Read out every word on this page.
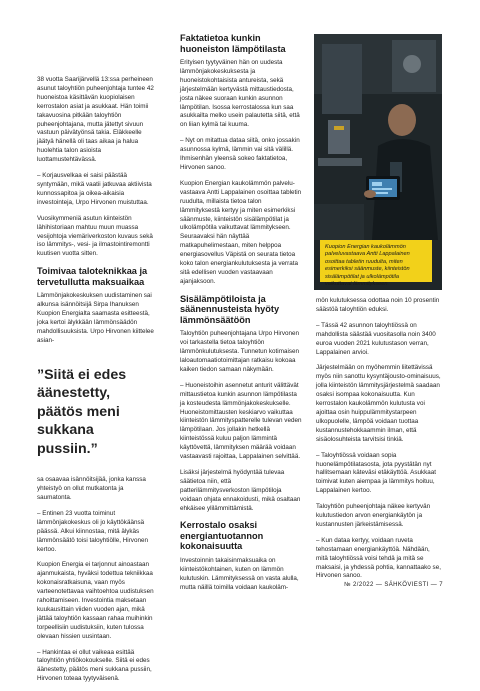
38 vuotta Saarijärvellä 13:ssa perheineen asunut taloyhtiön puheenjohtaja tuntee 42 huoneistoa käsittävän kuopiolaisen kerrostalon asiat ja asukkaat. Hän toimii takavuosina pitkään taloyhtiön puheenjohtajana, mutta jätettyt sivuun vastuun päivätyönsä takia. Eläkkeelle jäätyä hänellä oli taas aikaa ja halua huolehtia talon asioista luottamustehtävässä.

– Korjausvelkaa ei saisi päästää syntymään, mikä vaatii jatkuvaa aktiivista kunnossapitoa ja oikea-aikaisia investointeja, Urpo Hirvonen muistuttaa.

Vuosikymmeniä asutun kiinteistön lähihistoriaan mahtuu muun muassa vesijohtoja viemäriverkoston kuvaus sekä iso lämmitys-, vesi- ja ilmastointiremontti kuutisen vuotta sitten.

Toimivaa taloteknikkaa ja tervetullutta maksuaikaa

Lämmönjakokeskuksen uudistaminen sai alkunsa isännöitsijä Sirpa Ihanuksen Kuopion Energialta saamasta esitteestä, joka kertoi älykkään lämmönsäädön mahdollisuuksista. Urpo Hirvonen kiittelee asian-

”Siitä ei edes äänestetty, päätös meni sukkana pussiin.”

sa osaavaa isännöitsijää, jonka kanssa yhteistyö on ollut mutkatonta ja saumatonta.

– Entinen 23 vuotta toiminut lämmönjakokeskus oli jo käyttökäänsä päässä. Alkui kiinnostaa, mitä älykäs lämmönsäätö toisi taloyhtiölle, Hirvonen kertoo.

Kuopion Energia ei tarjonnut ainoastaan ajanmukaista, hyväksi todettua tekniikkaa kokonaisratkaisuna, vaan myös varteenotettavaa vaihtoehtoa uudistuksen rahoittamiseen. Investointia maksetaan kuukausittain viiden vuoden ajan, mikä jättää taloyhtiön kassaan rahaa muihinkin torpeellisiin uudistuksiin, kuten tulossa olevaan hissien uusintaan.

– Hankintaa ei ollut vaikeaa esittää taloyhtiön yhtiökokoukselle. Siitä ei edes äänestetty, päätös meni sukkana pussiin, Hirvonen toteaa tyytyväisenä.

Faktatietoa kunkin huoneiston lämpötilasta

Erityisen tyytyväinen hän on uudesta lämmönjakokeskuksesta ja huoneistokohtaisista antureista, sekä järjestelmään kertyvästä mittaustiedosta, josta näkee suoraan kunkin asunnon lämpötilan. Isossa kerrostalossa kun saa asukkailta melko usein palautetta siitä, että on liian kylmä tai kuuma.

– Nyt on mitattua dataa siitä, onko jossakin asunnossa kylmä, lämmin vai sitä välillä. Ihmisenhän yleensä sokeo faktatietoa, Hirvonen sanoo.

Kuopion Energian kaukolämmön palveluvastaava Antti Lappalainen osoittaa tabletin ruudulta, millaista tietoa talon lämmityksestä kertyy ja miten esimerkiksi säänmuste, kiinteistön sisälämpötilat ja ulkolämpötila vaikuttavat lämmitykseen. Seuraavaksi hän näyttää matkapuhelimestaan, miten helppoa energiasovellus Väpistä on seurata tietoa koko talon energiankulutuksesta ja verrata sitä edellisen vuoden vastaavaan ajanjaksoon.

Sisälämpötiloista ja säänennusteista hyöty lämmönsäätöön

Taloyhtiön puheenjohtajana Urpo Hirvonen voi tarkastella tietoa taloyhtiön lämmönkulutuksesta. Tunnetun kotimaisen laloautomaatiotoimittajan ratkaisu kokoaa kaiken tiedon samaan näkymään.

– Huoneistoihin asennetut anturit välittävät mittaustietoa kunkin asunnon lämpötilasta ja kosteudesta lämmönjakokeskukselle. Huoneistomittausten keskiarvo vaikuttaa kiinteistön lämmityspatterelle tulevan veden lämpötilaan. Jos jollakin hetkellä kiinteistössä kuluu paljon lämmintä käyttövettä, lämmityksen määrää voidaan vastaavasti rajoittaa, Lappalainen selvittää.

Lisäksi järjestelmä hyödyntää tulevaa säätietoa niin, että patterilämmitysverkoston lämpötiloja voidaan ohjata ennakoidusti, mikä osaltaan ehkäisee ylilämmittämistä.

Kerrostalo osaksi energiantuotannon kokonaisuutta

Investoinnin takaisinmaksuaika on kiinteistökohtainen, kuten on lämmön kulutuskin. Lämmityksessä on vasta alulla, mutta näillä toimilla voidaan kaukoläm-

Kuopion Energian kaukolämmön palveluvastaava Antti Lappalainen osoittaa tabletin ruudulta, miten esimerkiksi säänmuste, kiinteistön sisälämpötilat ja ulkolämpötila vaikuttavat lämmitykseen.

mön kulutuksessa odottaa noin 10 prosentin säästöä taloyhtiön eduksi.

– Tässä 42 asunnon taloyhtiössä on mahdollista säästää vuositasolla noin 3400 euroa vuoden 2021 kulutustason verran, Lappalainen arvioi.

Järjestelmään on myöhemmin liitettävissä myös niin sanottu kysyntäjousto-ominaisuus, jolla kiinteistön lämmitysjärjestelmä saadaan osaksi isompaa kokonaisuutta. Kun kerrostalon kaukolämmön kulutusta voi ajoittaa osin huippulämmitystarpeen ulkopuolelle, lämpöä voidaan tuottaa kustannustehokkaammin ilman, että sisäolosuhteista tarvitsisi tinkiä.

– Taloyhtiössä voidaan sopia huonelämpötilatasosta, jota pyystätän nyt hallitsemaan käteväsi etäkäyttöä. Asukkaat toimivat kuten aiempaa ja lämmitys hoituu, Lappalainen kertoo.

Taloyhtiön puheenjohtaja näkee kertyvän kulutustiedon arvon energiankäytön ja kustannusten järkeistämisessä.

– Kun dataa kertyy, voidaan ruveta tehostamaan energiankäyttöä. Nähdään, mitä taloyhtiössä voisi tehdä ja mitä se maksaisi, ja yhdessä pohtia, kannattaako se, Hirvonen sanoo.

№ 2/2022 — SÄHKÖVIESTI — 7
